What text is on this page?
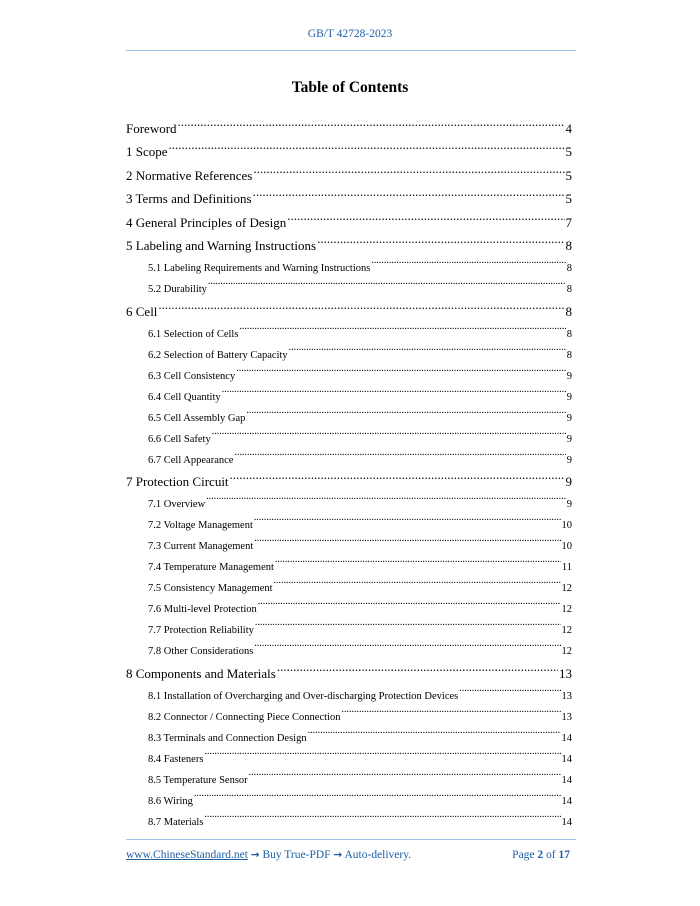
GB/T 42728-2023
Table of Contents
Foreword .....	4
1 Scope .....	5
2 Normative References .....	5
3 Terms and Definitions .....	5
4 General Principles of Design .....	7
5 Labeling and Warning Instructions .....	8
5.1 Labeling Requirements and Warning Instructions .....	8
5.2 Durability .....	8
6 Cell .....	8
6.1 Selection of Cells .....	8
6.2 Selection of Battery Capacity .....	8
6.3 Cell Consistency .....	9
6.4 Cell Quantity .....	9
6.5 Cell Assembly Gap .....	9
6.6 Cell Safety .....	9
6.7 Cell Appearance .....	9
7 Protection Circuit .....	9
7.1 Overview .....	9
7.2 Voltage Management .....	10
7.3 Current Management .....	10
7.4 Temperature Management .....	11
7.5 Consistency Management .....	12
7.6 Multi-level Protection .....	12
7.7 Protection Reliability .....	12
7.8 Other Considerations .....	12
8 Components and Materials .....	13
8.1 Installation of Overcharging and Over-discharging Protection Devices .....	13
8.2 Connector / Connecting Piece Connection .....	13
8.3 Terminals and Connection Design .....	14
8.4 Fasteners .....	14
8.5 Temperature Sensor .....	14
8.6 Wiring .....	14
8.7 Materials .....	14
www.ChineseStandard.net → Buy True-PDF → Auto-delivery.	Page 2 of 17
